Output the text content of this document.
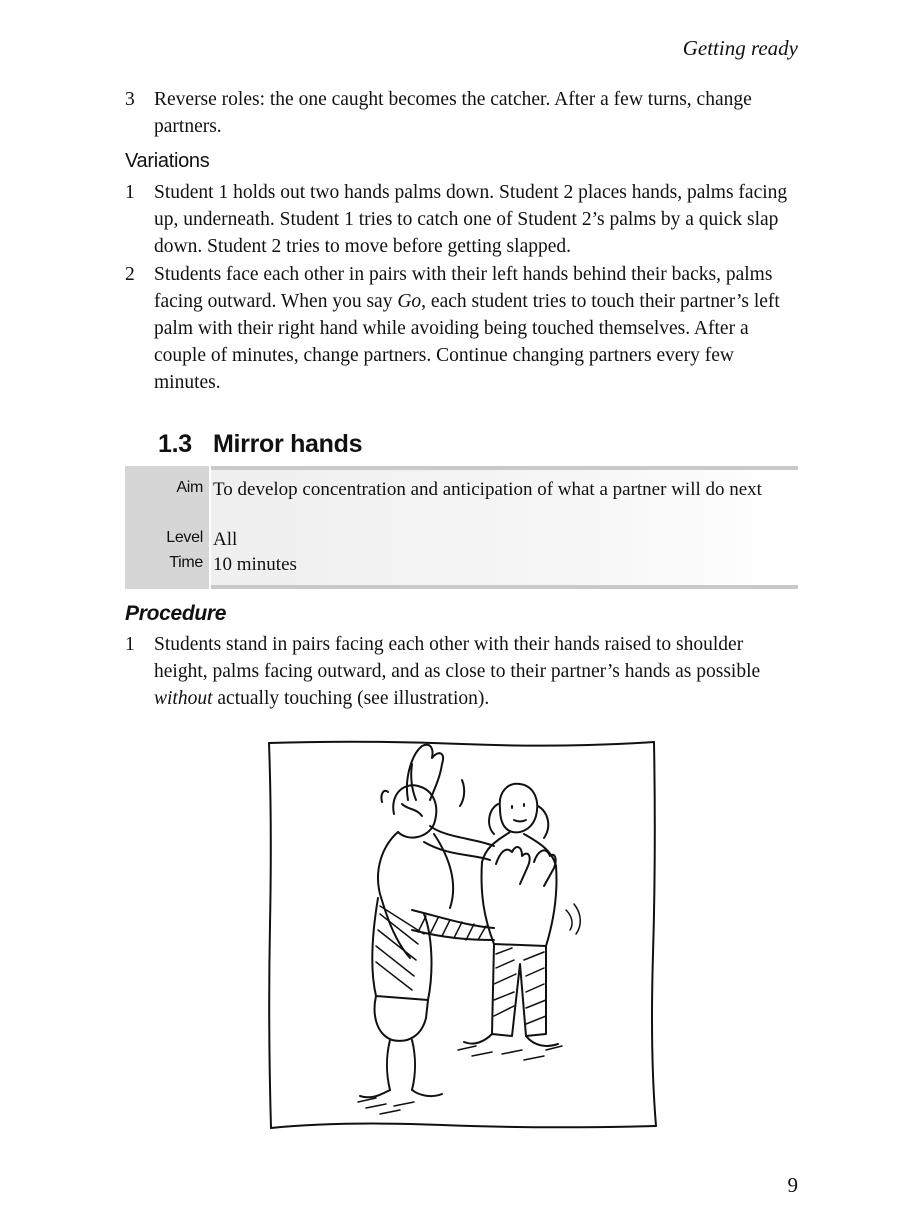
Getting ready
3 Reverse roles: the one caught becomes the catcher. After a few turns, change partners.
Variations
1 Student 1 holds out two hands palms down. Student 2 places hands, palms facing up, underneath. Student 1 tries to catch one of Student 2’s palms by a quick slap down. Student 2 tries to move before getting slapped.
2 Students face each other in pairs with their left hands behind their backs, palms facing outward. When you say Go, each student tries to touch their partner’s left palm with their right hand while avoiding being touched themselves. After a couple of minutes, change partners. Continue changing partners every few minutes.
1.3 Mirror hands
Aim
Level
Time
To develop concentration and anticipation of what a partner will do next
All
10 minutes
Procedure
1 Students stand in pairs facing each other with their hands raised to shoulder height, palms facing outward, and as close to their partner’s hands as possible without actually touching (see illustration).
9
